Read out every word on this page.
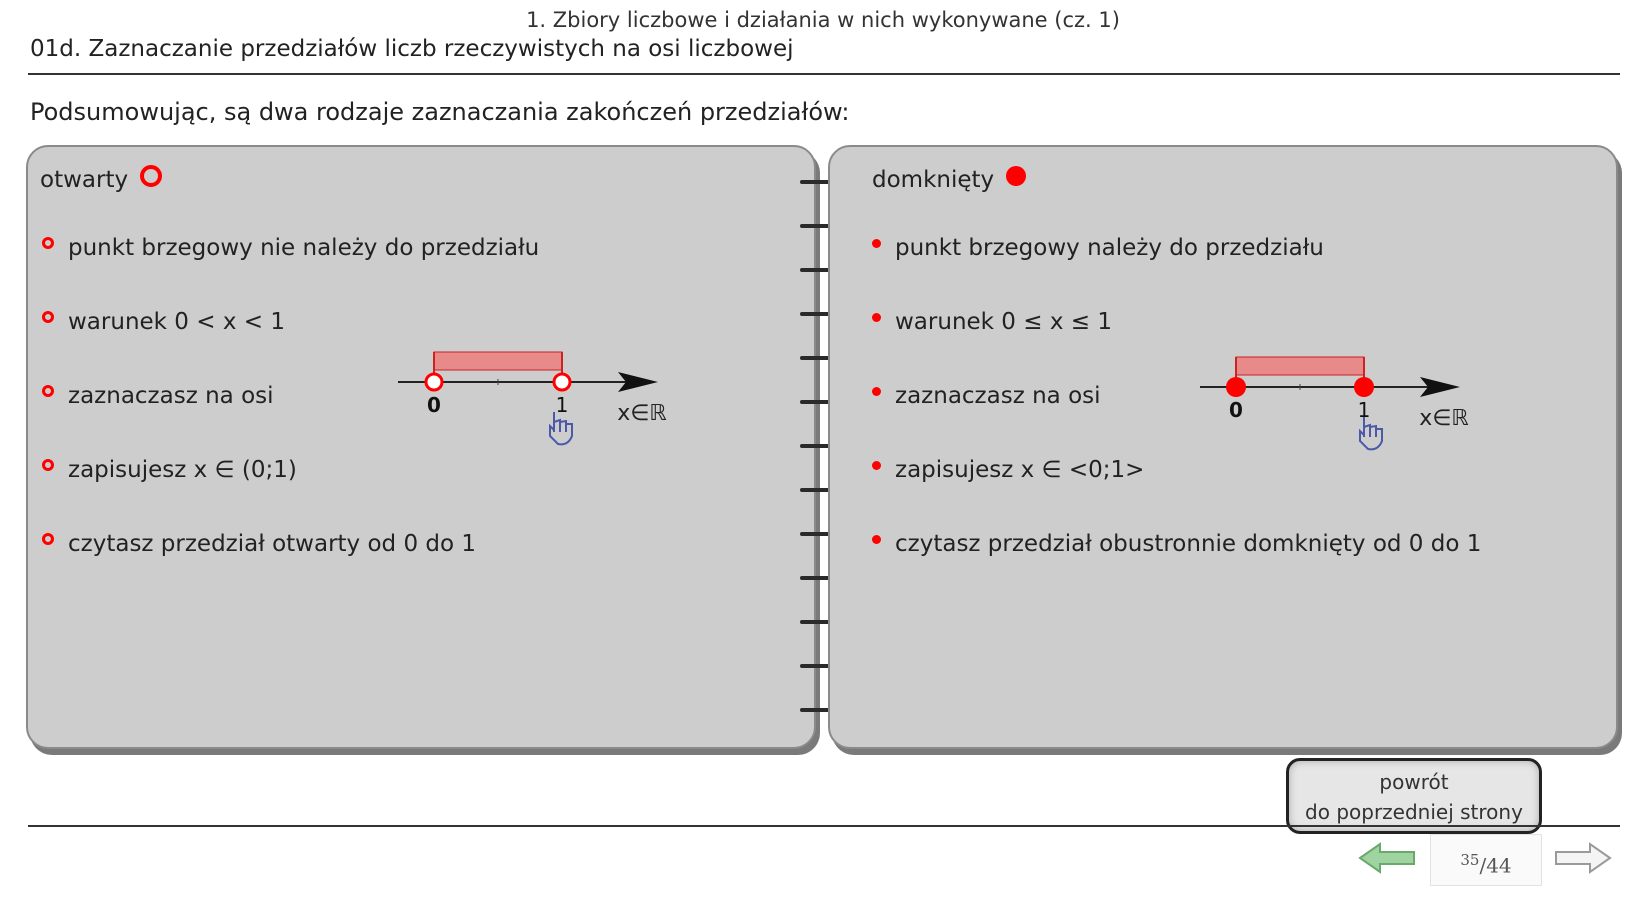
1. Zbiory liczbowe i działania w nich wykonywane (cz. 1)
01d. Zaznaczanie przedziałów liczb rzeczywistych na osi liczbowej
Podsumowując, są dwa rodzaje zaznaczania zakończeń przedziałów:
otwarty
punkt brzegowy nie należy do przedziału
warunek 0 < x < 1
zaznaczasz na osi
zapisujesz x ∈ (0;1)
czytasz przedział otwarty od 0 do 1
0	1 x∈ℝ
domknięty
punkt brzegowy należy do przedziału
warunek 0 ≤ x ≤ 1
zaznaczasz na osi
zapisujesz x ∈ <0;1>
czytasz przedział obustronnie domknięty od 0 do 1
0	1 x∈ℝ
powrót
do poprzedniej strony
$^{35}$/44
